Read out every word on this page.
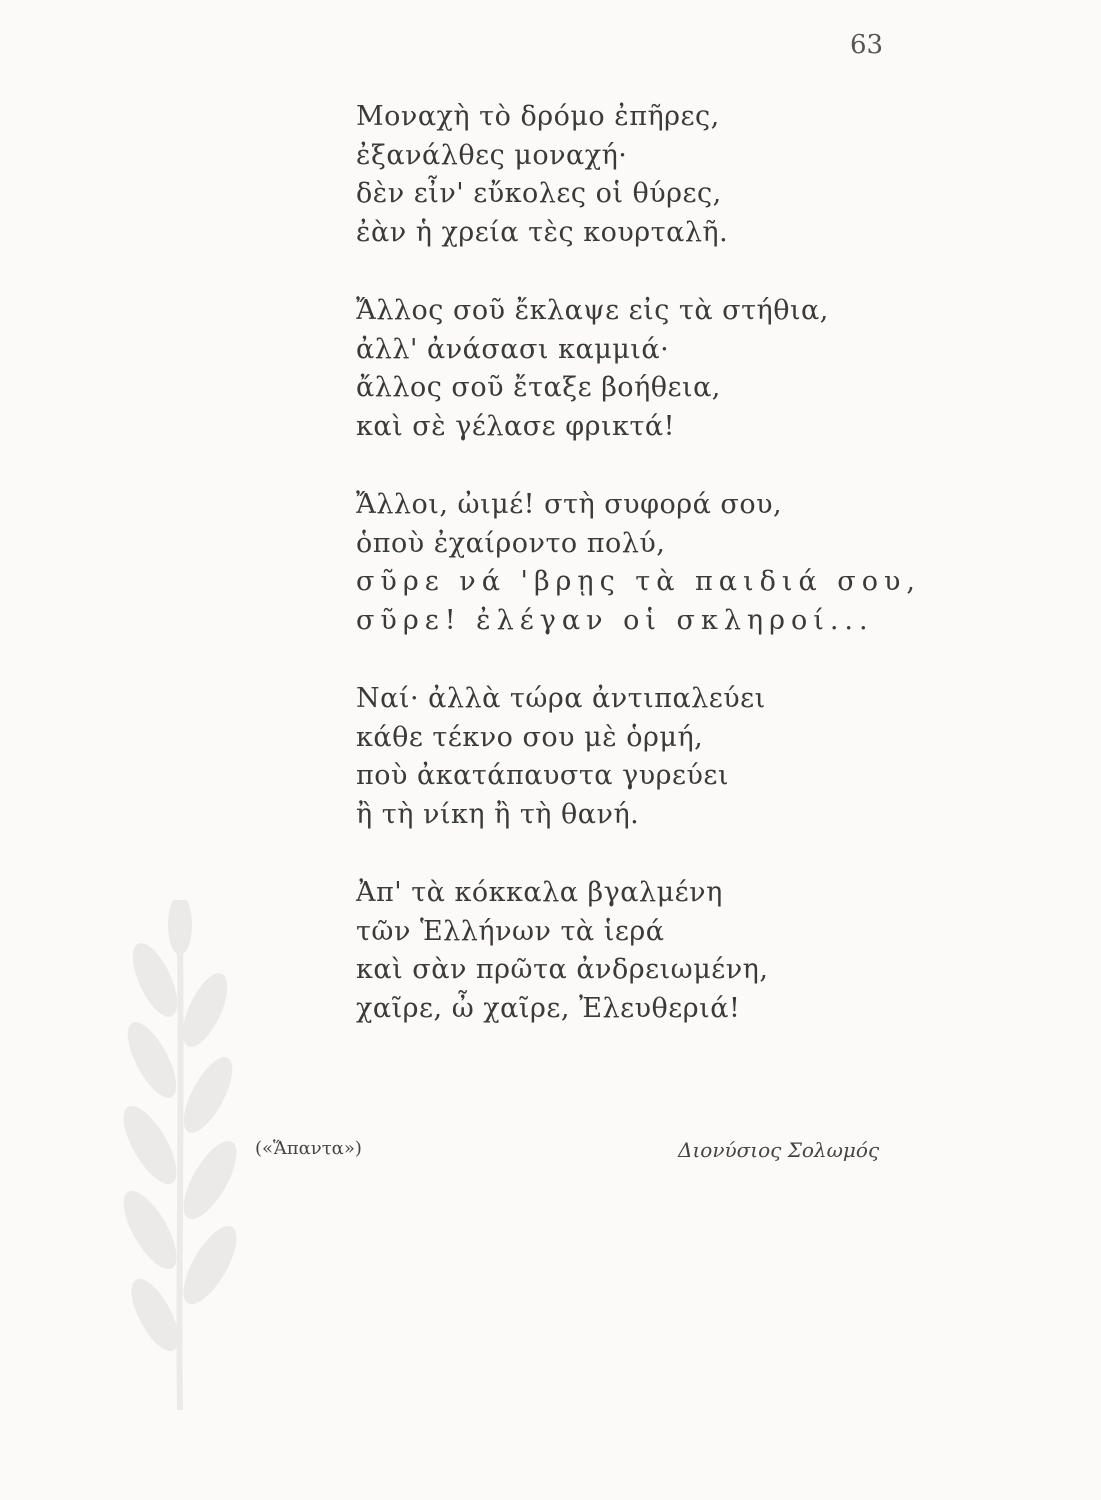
63
Μοναχὴ τὸ δρόμο ἐπῆρες,
ἐξανάλθες μοναχή·
δὲν εἶν' εὔκολες οἱ θύρες,
ἐὰν ἡ χρεία τὲς κουρταλῆ.
Ἄλλος σοῦ ἔκλαψε εἰς τὰ στήθια,
ἀλλ' ἀνάσασι καμμιά·
ἄλλος σοῦ ἔταξε βοήθεια,
καὶ σὲ γέλασε φρικτά!
Ἄλλοι, ὠιμέ! στὴ συφορά σου,
ὁποὺ ἐχαίροντο πολύ,
σῦρε νά 'βρῃς τὰ παιδιά σου,
σῦρε! ἐλέγαν οἱ σκληροί...
Ναί· ἀλλὰ τώρα ἀντιπαλεύει
κάθε τέκνο σου μὲ ὁρμή,
ποὺ ἀκατάπαυστα γυρεύει
ἢ τὴ νίκη ἢ τὴ θανή.
Ἀπ' τὰ κόκκαλα βγαλμένη
τῶν Ἑλλήνων τὰ ἱερά
καὶ σὰν πρῶτα ἀνδρειωμένη,
χαῖρε, ὦ χαῖρε, Ἐλευθεριά!
(«Ἅπαντα»)	Διονύσιος Σολωμός
